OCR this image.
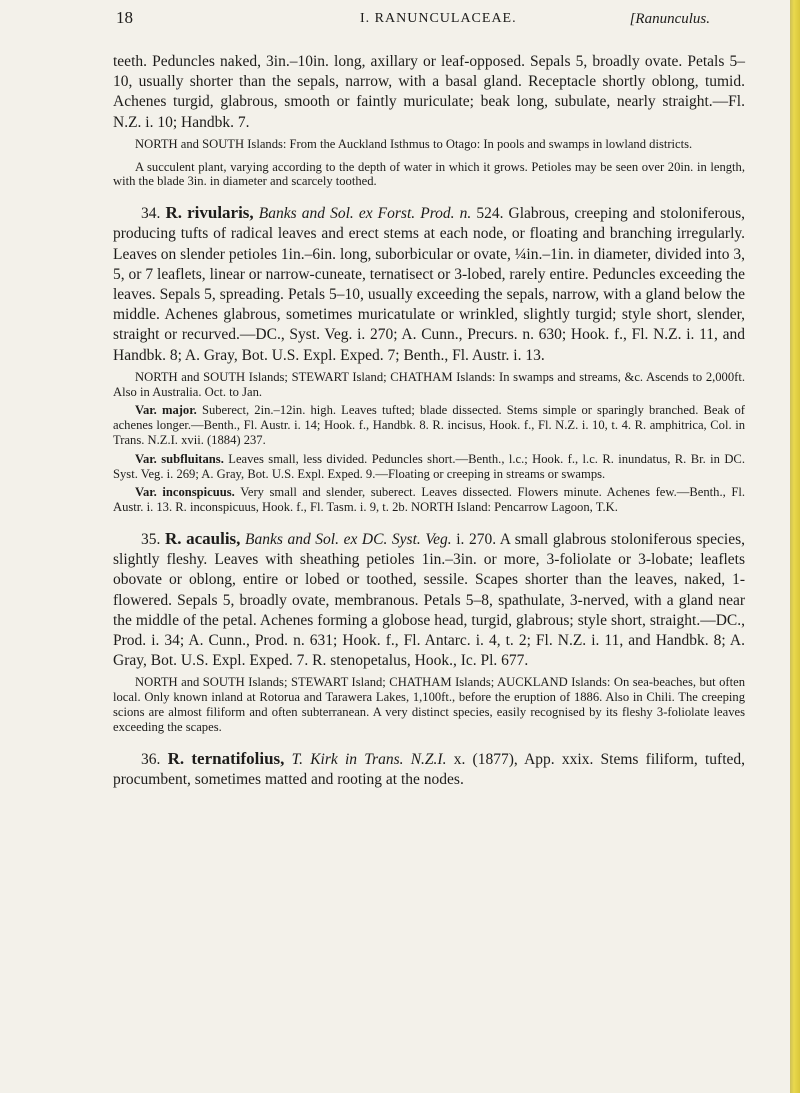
18	I. RANUNCULACEAE.	[Ranunculus.

teeth. Peduncles naked, 3in.–10in. long, axillary or leaf-opposed. Sepals 5, broadly ovate. Petals 5–10, usually shorter than the sepals, narrow, with a basal gland. Receptacle shortly oblong, tumid. Achenes turgid, glabrous, smooth or faintly muriculate; beak long, subulate, nearly straight.—Fl. N.Z. i. 10; Handbk. 7.

NORTH and SOUTH Islands: From the Auckland Isthmus to Otago: In pools and swamps in lowland districts.

A succulent plant, varying according to the depth of water in which it grows. Petioles may be seen over 20in. in length, with the blade 3in. in diameter and scarcely toothed.

34. R. rivularis, Banks and Sol. ex Forst. Prod. n. 524. Glabrous, creeping and stoloniferous, producing tufts of radical leaves and erect stems at each node, or floating and branching irregularly. Leaves on slender petioles 1in.–6in. long, suborbicular or ovate, ¼in.–1in. in diameter, divided into 3, 5, or 7 leaflets, linear or narrow-cuneate, ternatisect or 3-lobed, rarely entire. Peduncles exceeding the leaves. Sepals 5, spreading. Petals 5–10, usually exceeding the sepals, narrow, with a gland below the middle. Achenes glabrous, sometimes muricatulate or wrinkled, slightly turgid; style short, slender, straight or recurved.—DC., Syst. Veg. i. 270; A. Cunn., Precurs. n. 630; Hook. f., Fl. N.Z. i. 11, and Handbk. 8; A. Gray, Bot. U.S. Expl. Exped. 7; Benth., Fl. Austr. i. 13.

NORTH and SOUTH Islands; STEWART Island; CHATHAM Islands: In swamps and streams, &c. Ascends to 2,000ft. Also in Australia. Oct. to Jan.

Var. major. Suberect, 2in.–12in. high. Leaves tufted; blade dissected. Stems simple or sparingly branched. Beak of achenes longer.—Benth., Fl. Austr. i. 14; Hook. f., Handbk. 8. R. incisus, Hook. f., Fl. N.Z. i. 10, t. 4. R. amphitrica, Col. in Trans. N.Z.I. xvii. (1884) 237.

Var. subfluitans. Leaves small, less divided. Peduncles short.—Benth., l.c.; Hook. f., l.c. R. inundatus, R. Br. in DC. Syst. Veg. i. 269; A. Gray, Bot. U.S. Expl. Exped. 9.—Floating or creeping in streams or swamps.

Var. inconspicuus. Very small and slender, suberect. Leaves dissected. Flowers minute. Achenes few.—Benth., Fl. Austr. i. 13. R. inconspicuus, Hook. f., Fl. Tasm. i. 9, t. 2b. NORTH Island: Pencarrow Lagoon, T.K.

35. R. acaulis, Banks and Sol. ex DC. Syst. Veg. i. 270. A small glabrous stoloniferous species, slightly fleshy. Leaves with sheathing petioles 1in.–3in. or more, 3-foliolate or 3-lobate; leaflets obovate or oblong, entire or lobed or toothed, sessile. Scapes shorter than the leaves, naked, 1-flowered. Sepals 5, broadly ovate, membranous. Petals 5–8, spathulate, 3-nerved, with a gland near the middle of the petal. Achenes forming a globose head, turgid, glabrous; style short, straight.—DC., Prod. i. 34; A. Cunn., Prod. n. 631; Hook. f., Fl. Antarc. i. 4, t. 2; Fl. N.Z. i. 11, and Handbk. 8; A. Gray, Bot. U.S. Expl. Exped. 7. R. stenopetalus, Hook., Ic. Pl. 677.

NORTH and SOUTH Islands; STEWART Island; CHATHAM Islands; AUCKLAND Islands: On sea-beaches, but often local. Only known inland at Rotorua and Tarawera Lakes, 1,100ft., before the eruption of 1886. Also in Chili. The creeping scions are almost filiform and often subterranean. A very distinct species, easily recognised by its fleshy 3-foliolate leaves exceeding the scapes.

36. R. ternatifolius, T. Kirk in Trans. N.Z.I. x. (1877), App. xxix. Stems filiform, tufted, procumbent, sometimes matted and rooting at the nodes.
